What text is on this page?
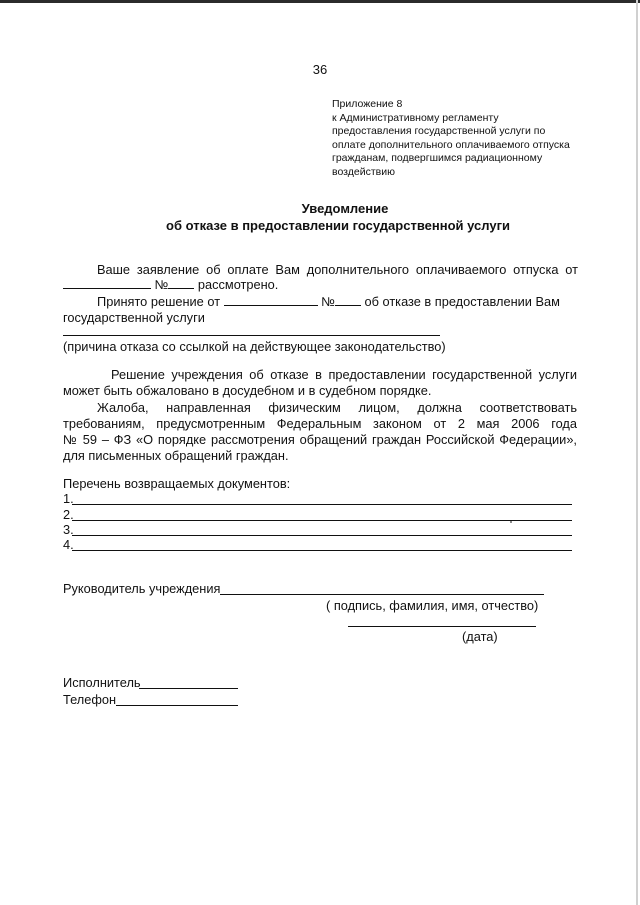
36
Приложение 8
к Административному регламенту
предоставления государственной услуги по
оплате дополнительного оплачиваемого отпуска
гражданам, подвергшимся радиационному
воздействию
Уведомление
об отказе в предоставлении государственной услуги
Ваше заявление об оплате Вам дополнительного оплачиваемого отпуска от
№ рассмотрено.
Принято решение от	№ об отказе в предоставлении Вам
государственной услуги
(причина отказа со ссылкой на действующее законодательство)
Решение учреждения об отказе в предоставлении государственной услуги
может быть обжаловано в досудебном и в судебном порядке.
Жалоба, направленная физическим лицом, должна соответствовать
требованиям, предусмотренным Федеральным законом от 2 мая 2006 года
№ 59 – ФЗ «О порядке рассмотрения обращений граждан Российской Федерации»,
для письменных обращений граждан.
Перечень возвращаемых документов:
1.
2.
3.
4.
Руководитель учреждения
( подпись, фамилия, имя, отчество)
(дата)
Исполнитель
Телефон
